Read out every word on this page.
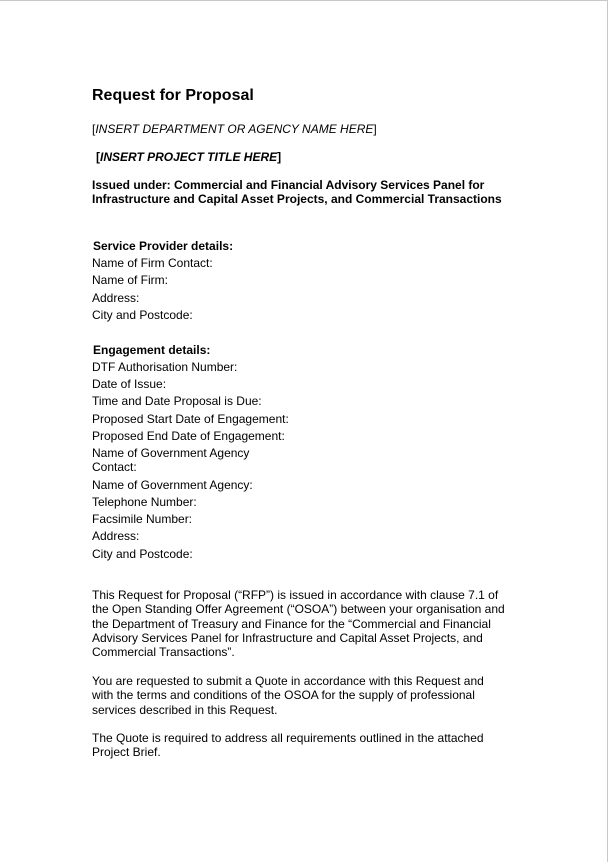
Request for Proposal
[INSERT DEPARTMENT OR AGENCY NAME HERE]
[INSERT PROJECT TITLE HERE]
Issued under: Commercial and Financial Advisory Services Panel for
Infrastructure and Capital Asset Projects, and Commercial Transactions
Service Provider details:
Name of Firm Contact:
Name of Firm:
Address:
City and Postcode:
Engagement details:
DTF Authorisation Number:
Date of Issue:
Time and Date Proposal is Due:
Proposed Start Date of Engagement:
Proposed End Date of Engagement:
Name of Government Agency
Contact:
Name of Government Agency:
Telephone Number:
Facsimile Number:
Address:
City and Postcode:
This Request for Proposal (“RFP”) is issued in accordance with clause 7.1 of
the Open Standing Offer Agreement (“OSOA”) between your organisation and
the Department of Treasury and Finance for the “Commercial and Financial
Advisory Services Panel for Infrastructure and Capital Asset Projects, and
Commercial Transactions”.
You are requested to submit a Quote in accordance with this Request and
with the terms and conditions of the OSOA for the supply of professional
services described in this Request.
The Quote is required to address all requirements outlined in the attached
Project Brief.
